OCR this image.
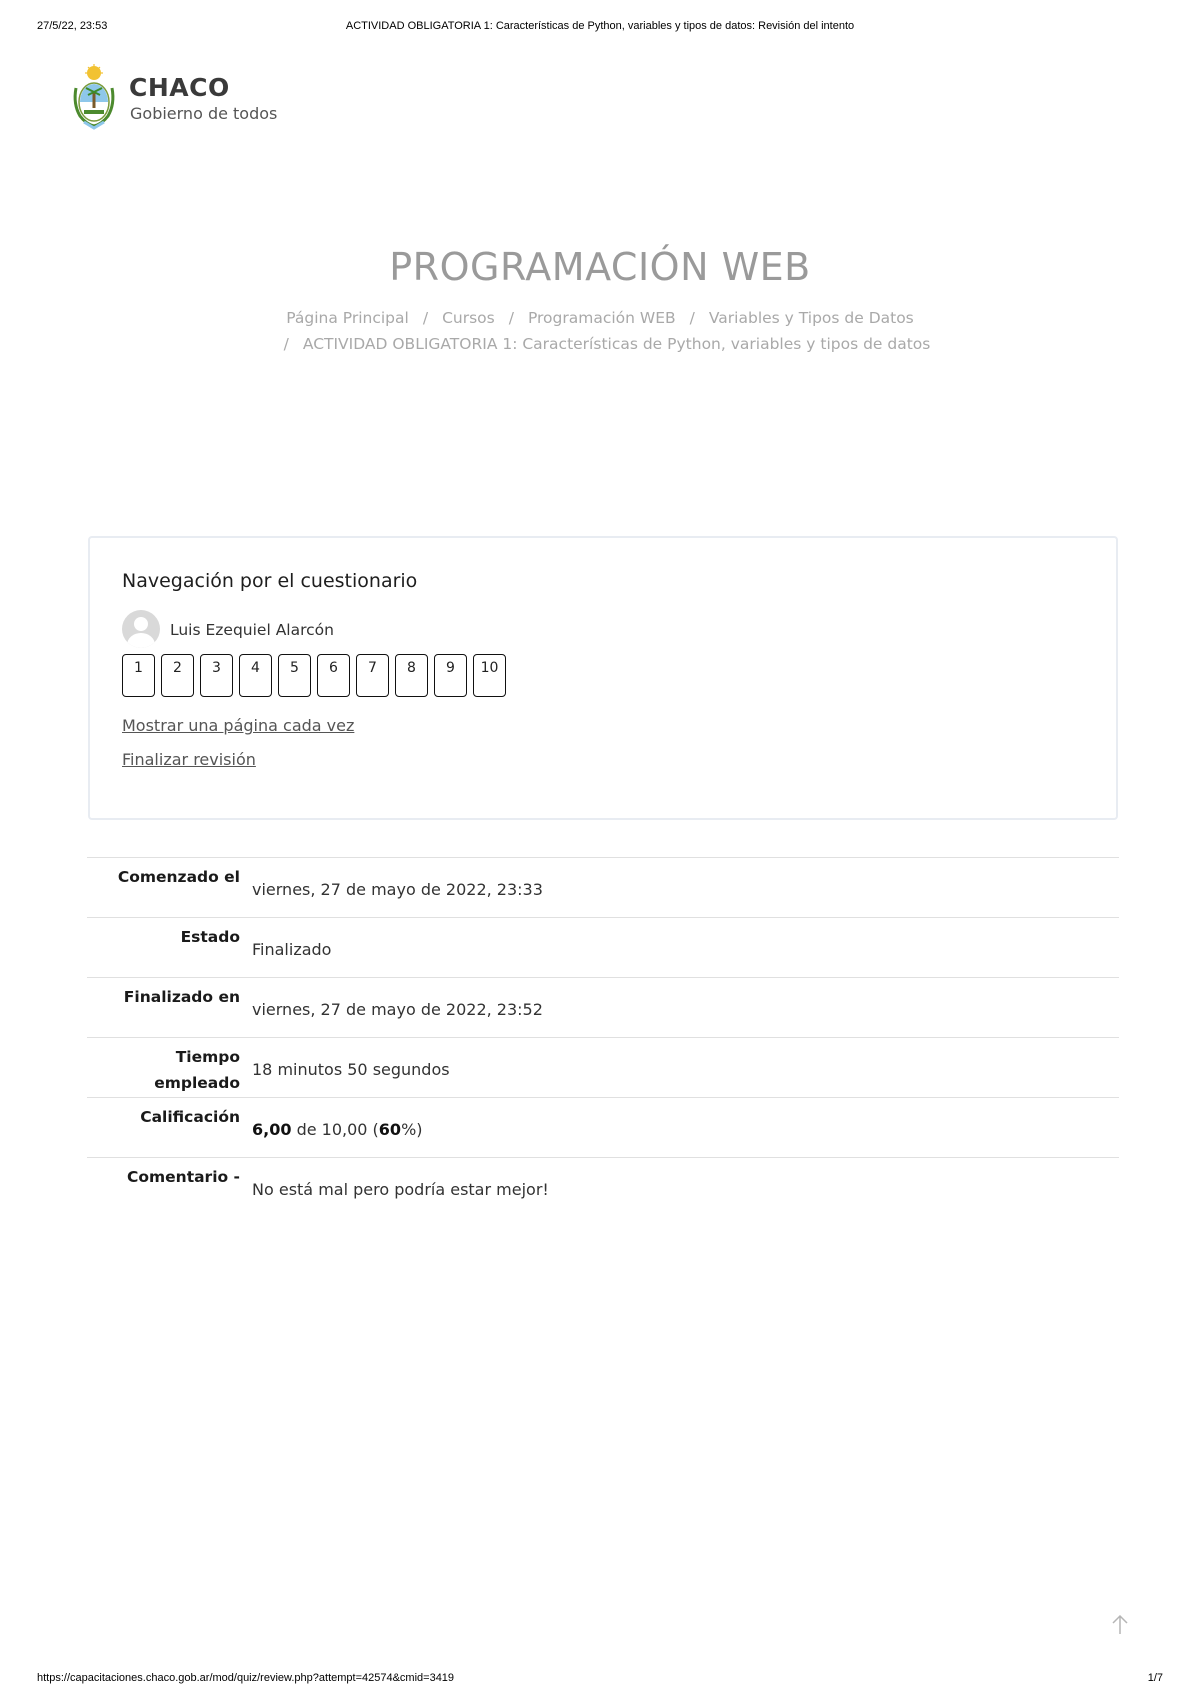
27/5/22, 23:53	ACTIVIDAD OBLIGATORIA 1: Características de Python, variables y tipos de datos: Revisión del intento
CHACO
Gobierno de todos
PROGRAMACIÓN WEB
Página Principal / Cursos / Programación WEB / Variables y Tipos de Datos
/ ACTIVIDAD OBLIGATORIA 1: Características de Python, variables y tipos de datos
Navegación por el cuestionario
Luis Ezequiel Alarcón
1	2	3	4	5	6	7	8	9	10
Mostrar una página cada vez
Finalizar revisión
Comenzado el
viernes, 27 de mayo de 2022, 23:33
Estado
Finalizado
Finalizado en
viernes, 27 de mayo de 2022, 23:52
Tiempo
empleado
18 minutos 50 segundos
Calificación
6,00 de 10,00 (60%)
Comentario -
No está mal pero podría estar mejor!
https://capacitaciones.chaco.gob.ar/mod/quiz/review.php?attempt=42574&cmid=3419	1/7
